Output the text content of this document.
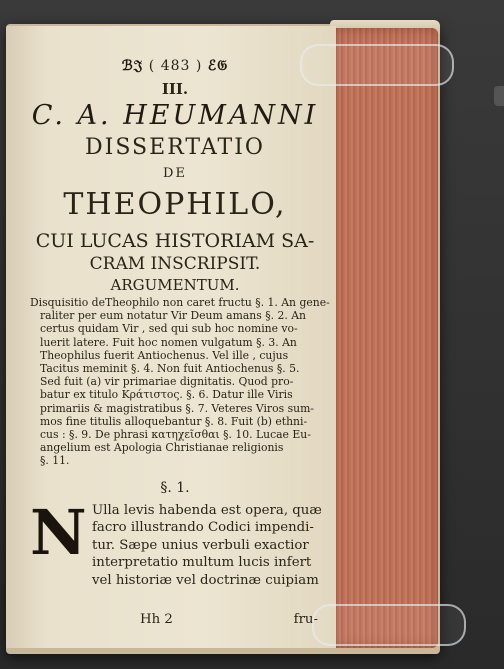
ℬ𝔍 ( 483 ) ℰ𝔊
III.
C. A. HEUMANNI
DISSERTATIO
DE
THEOPHILO,
CUI LUCAS HISTORIAM SA-
CRAM INSCRIPSIT.
ARGUMENTUM.
Disquisitio deTheophilo non caret fructu §. 1. An gene-
raliter per eum notatur Vir Deum amans §. 2. An
certus quidam Vir , sed qui sub hoc nomine vo-
luerit latere. Fuit hoc nomen vulgatum §. 3. An
Theophilus fuerit Antiochenus. Vel ille , cujus
Tacitus meminit §. 4. Non fuit Antiochenus §. 5.
Sed fuit (a) vir primariae dignitatis. Quod pro-
batur ex titulo Κράτιστος. §. 6. Datur ille Viris
primariis & magistratibus §. 7. Veteres Viros sum-
mos fine titulis alloquebantur §. 8. Fuit (b) ethni-
cus : §. 9. De phrasi κατηχεῖσθαι §. 10. Lucae Eu-
angelium est Apologia Christianae religionis
§. 11.
§. 1.
N Ulla levis habenda est opera, quæ
facro illustrando Codici impendi-
tur. Sæpe unius verbuli exactior
interpretatio multum lucis infert
vel historiæ vel doctrinæ cuipiam
Hh 2	fru-
